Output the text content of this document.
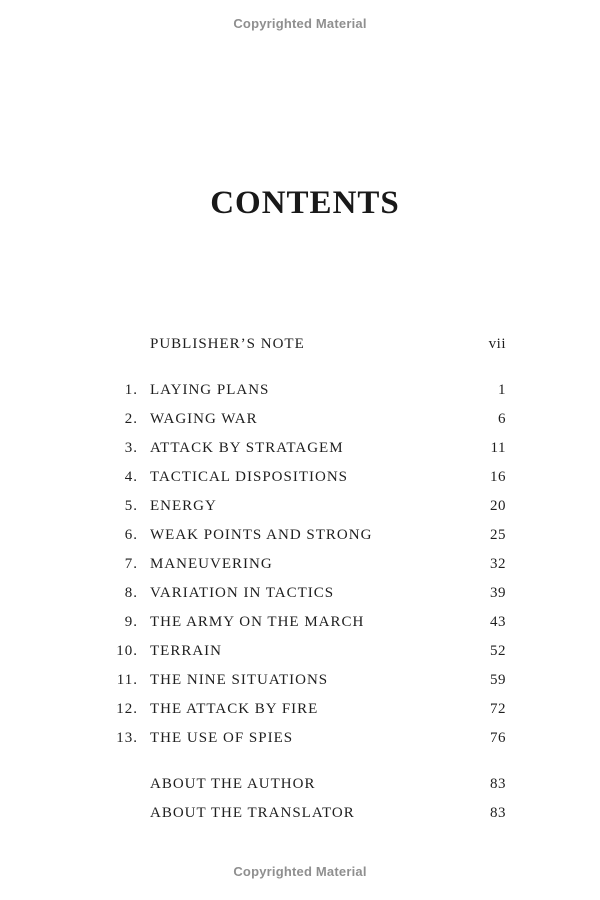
Copyrighted Material
CONTENTS
PUBLISHER’S NOTE	vii
1. LAYING PLANS	1
2. WAGING WAR	6
3. ATTACK BY STRATAGEM	11
4. TACTICAL DISPOSITIONS	16
5. ENERGY	20
6. WEAK POINTS AND STRONG	25
7. MANEUVERING	32
8. VARIATION IN TACTICS	39
9. THE ARMY ON THE MARCH	43
10. TERRAIN	52
11. THE NINE SITUATIONS	59
12. THE ATTACK BY FIRE	72
13. THE USE OF SPIES	76
ABOUT THE AUTHOR	83
ABOUT THE TRANSLATOR	83
Copyrighted Material
